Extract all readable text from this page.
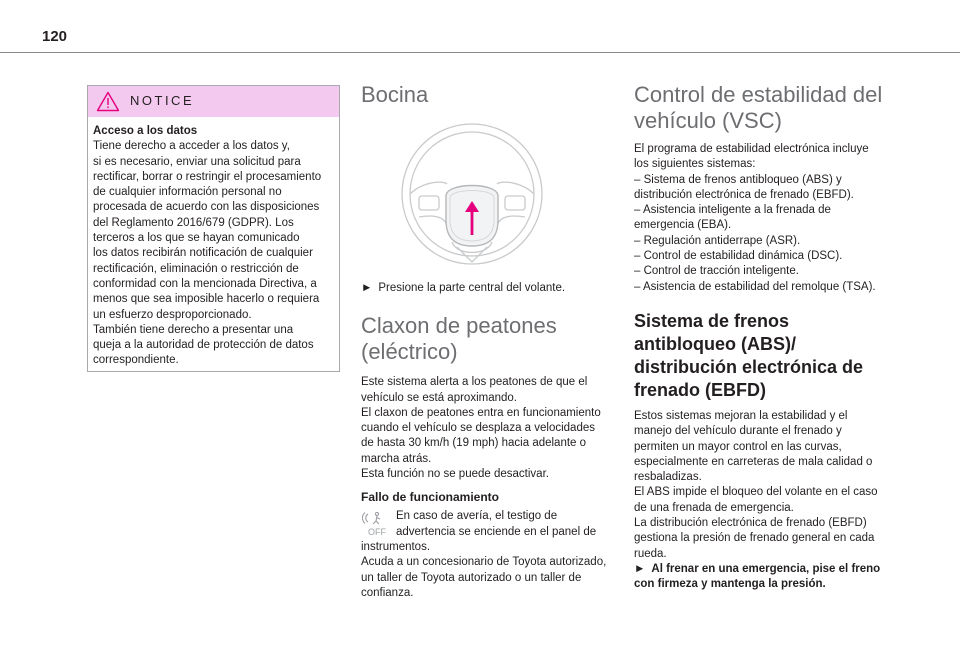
120
NOTICE

Acceso a los datos

Tiene derecho a acceder a los datos y,

si es necesario, enviar una solicitud para

rectificar, borrar o restringir el procesamiento

de cualquier información personal no

procesada de acuerdo con las disposiciones

del Reglamento 2016/679 (GDPR). Los

terceros a los que se hayan comunicado

los datos recibirán notificación de cualquier

rectificación, eliminación o restricción de

conformidad con la mencionada Directiva, a

menos que sea imposible hacerlo o requiera

un esfuerzo desproporcionado.

También tiene derecho a presentar una

queja a la autoridad de protección de datos

correspondiente.

Bocina

► Presione la parte central del volante.

Claxon de peatones
(eléctrico)

Este sistema alerta a los peatones de que el

vehículo se está aproximando.

El claxon de peatones entra en funcionamiento

cuando el vehículo se desplaza a velocidades

de hasta 30 km/h (19 mph) hacia adelante o

marcha atrás.

Esta función no se puede desactivar.

Fallo de funcionamiento

OFF

En caso de avería, el testigo de

advertencia se enciende en el panel de

instrumentos.

Acuda a un concesionario de Toyota autorizado,

un taller de Toyota autorizado o un taller de

confianza.

Control de estabilidad del
vehículo (VSC)

El programa de estabilidad electrónica incluye

los siguientes sistemas:

– Sistema de frenos antibloqueo (ABS) y

distribución electrónica de frenado (EBFD).

– Asistencia inteligente a la frenada de

emergencia (EBA).

– Regulación antiderrape (ASR).

– Control de estabilidad dinámica (DSC).

– Control de tracción inteligente.

– Asistencia de estabilidad del remolque (TSA).

Sistema de frenos
antibloqueo (ABS)/
distribución electrónica de
frenado (EBFD)

Estos sistemas mejoran la estabilidad y el

manejo del vehículo durante el frenado y

permiten un mayor control en las curvas,

especialmente en carreteras de mala calidad o

resbaladizas.

El ABS impide el bloqueo del volante en el caso

de una frenada de emergencia.

La distribución electrónica de frenado (EBFD)

gestiona la presión de frenado general en cada

rueda.

► Al frenar en una emergencia, pise el freno

con firmeza y mantenga la presión.
